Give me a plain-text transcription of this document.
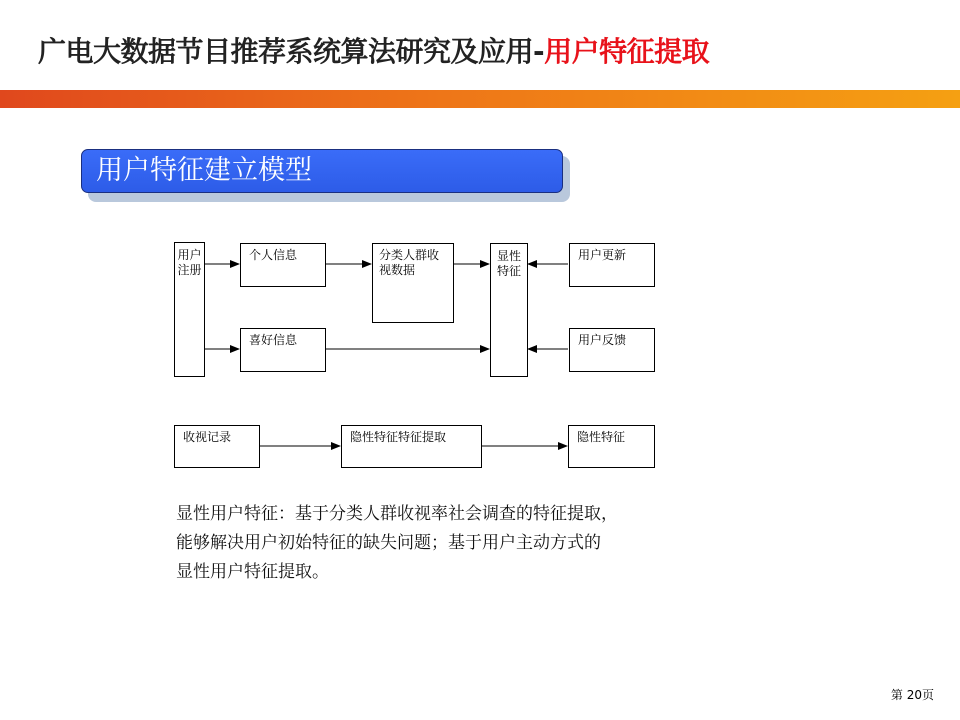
广电大数据节目推荐系统算法研究及应用-用户特征提取
用户特征建立模型
用户注册
个人信息
喜好信息
分类人群收视数据
显性特征
用户更新
用户反馈
收视记录	隐性特征特征提取	隐性特征
显性用户特征：基于分类人群收视率社会调查的特征提取，
能够解决用户初始特征的缺失问题；基于用户主动方式的
显性用户特征提取。
第 20页
